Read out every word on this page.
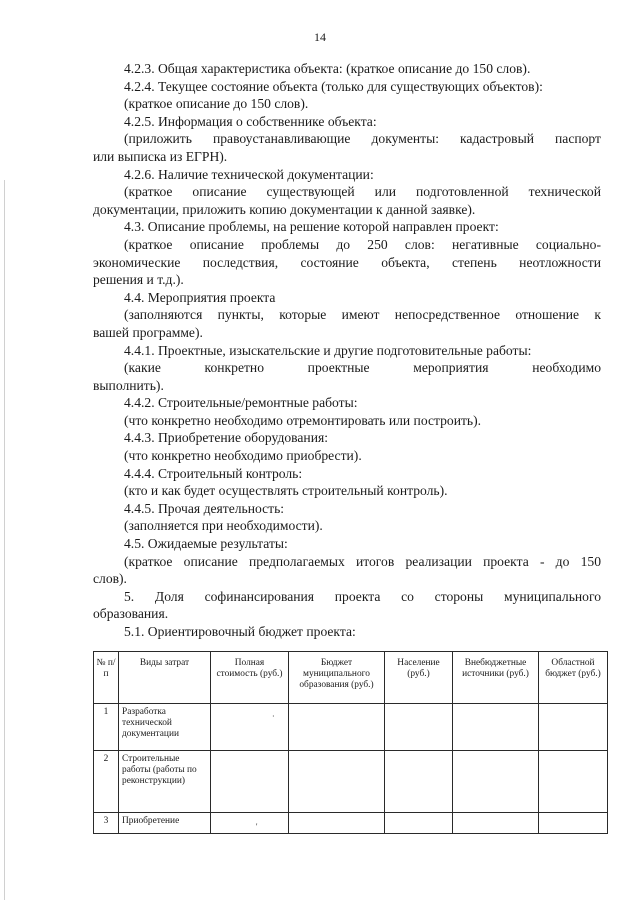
14

4.2.3. Общая характеристика объекта: (краткое описание до 150 слов).

4.2.4. Текущее состояние объекта (только для существующих объектов):

(краткое описание до 150 слов).

4.2.5. Информация о собственнике объекта:

(приложить правоустанавливающие документы: кадастровый паспорт

или выписка из ЕГРН).

4.2.6. Наличие технической документации:

(краткое описание существующей или подготовленной технической

документации, приложить копию документации к данной заявке).

4.3. Описание проблемы, на решение которой направлен проект:

(краткое описание проблемы до 250 слов: негативные социально-

экономические последствия, состояние объекта, степень неотложности

решения и т.д.).

4.4. Мероприятия проекта

(заполняются пункты, которые имеют непосредственное отношение к

вашей программе).

4.4.1. Проектные, изыскательские и другие подготовительные работы:

(какие конкретно проектные мероприятия необходимо

выполнить).

4.4.2. Строительные/ремонтные работы:

(что конкретно необходимо отремонтировать или построить).

4.4.3. Приобретение оборудования:

(что конкретно необходимо приобрести).

4.4.4. Строительный контроль:

(кто и как будет осуществлять строительный контроль).

4.4.5. Прочая деятельность:

(заполняется при необходимости).

4.5. Ожидаемые результаты:

(краткое описание предполагаемых итогов реализации проекта - до 150

слов).

5. Доля софинансирования проекта со стороны муниципального

образования.

5.1. Ориентировочный бюджет проекта:

№ п/п	Виды затрат	Полная стоимость (руб.)	Бюджет муниципального образования (руб.)	Население (руб.)	Внебюджетные источники (руб.)	Областной бюджет (руб.)
1	Разработка технической документации					
2	Строительные работы (работы по реконструкции)					
3	Приобретение					
·
'
